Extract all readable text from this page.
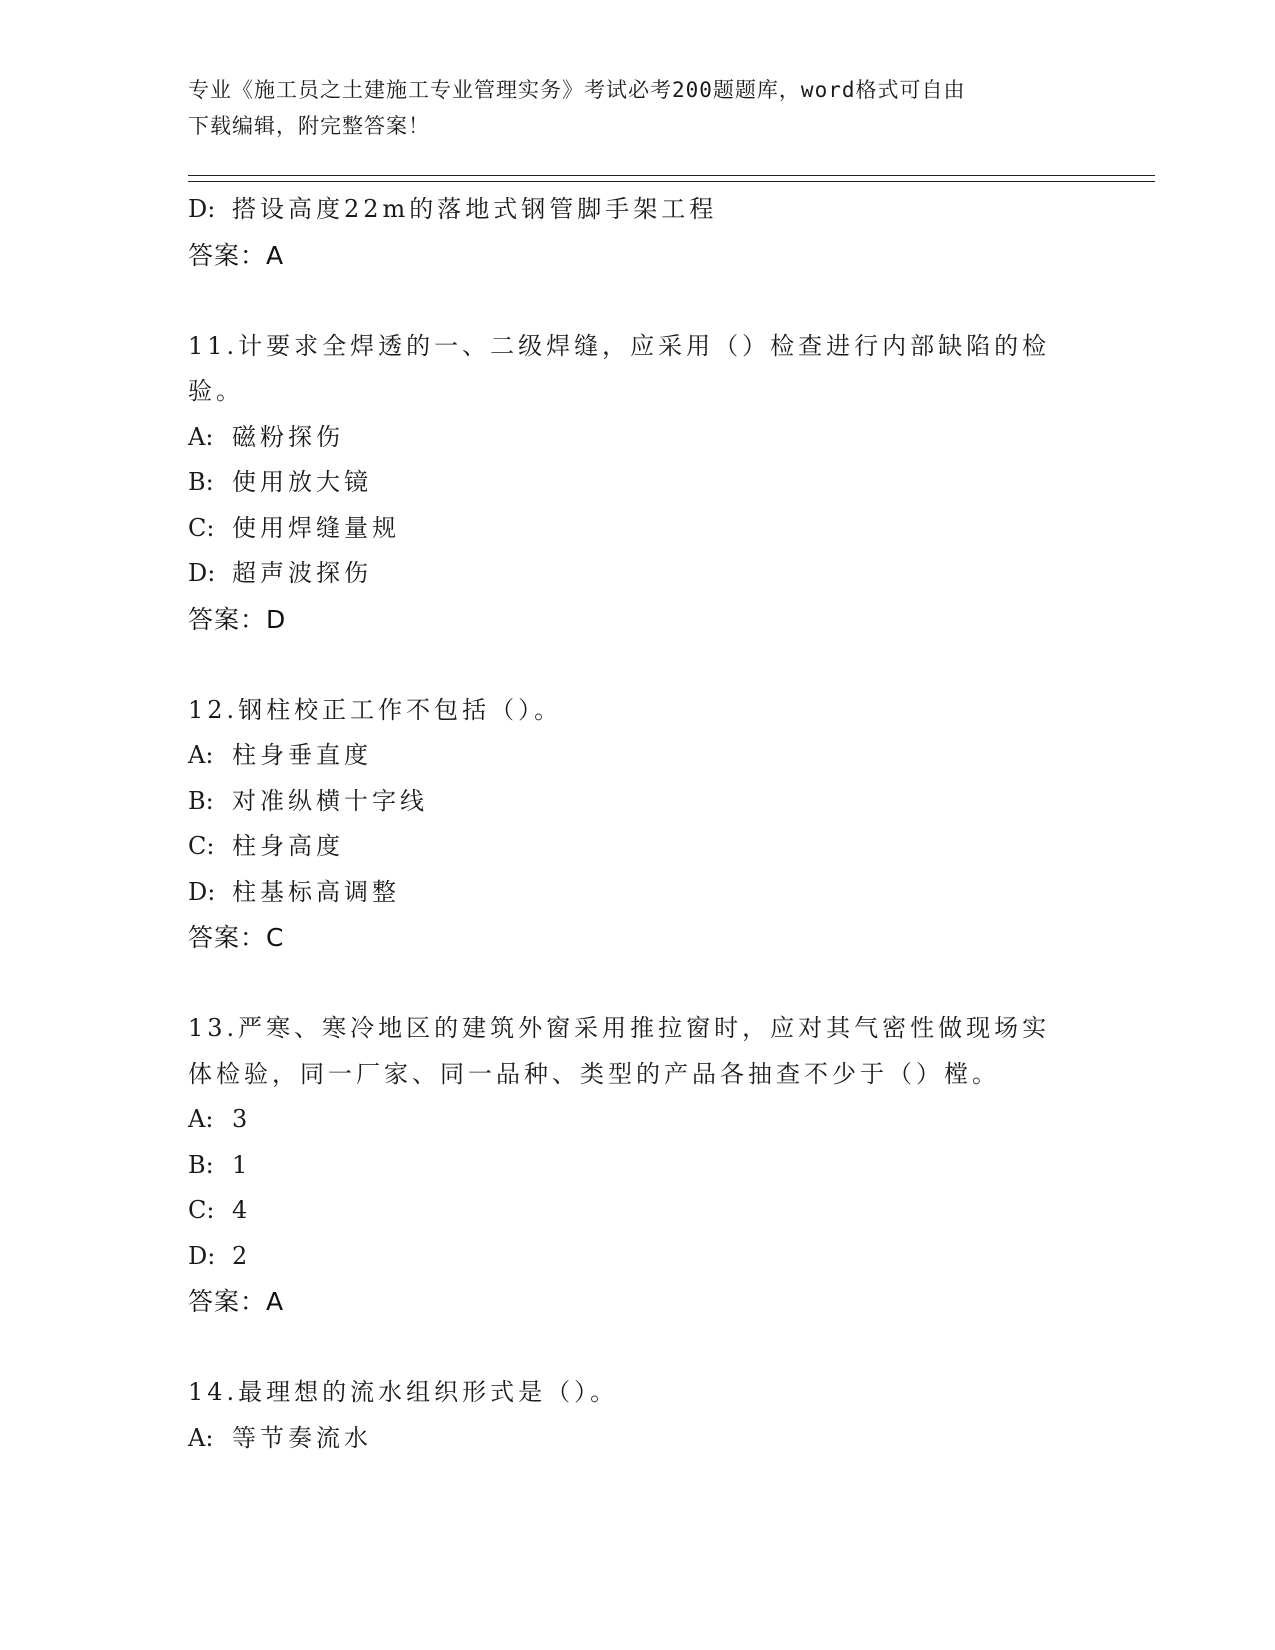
专业《施工员之土建施工专业管理实务》考试必考200题题库，word格式可自由
下载编辑，附完整答案！
D: 搭设高度22m的落地式钢管脚手架工程
答案：A
11.计要求全焊透的一、二级焊缝，应采用（）检查进行内部缺陷的检
验。
A: 磁粉探伤
B: 使用放大镜
C: 使用焊缝量规
D: 超声波探伤
答案：D
12.钢柱校正工作不包括（）。
A: 柱身垂直度
B: 对准纵横十字线
C: 柱身高度
D: 柱基标高调整
答案：C
13.严寒、寒冷地区的建筑外窗采用推拉窗时，应对其气密性做现场实
体检验，同一厂家、同一品种、类型的产品各抽查不少于（）樘。
A: 3
B: 1
C: 4
D: 2
答案：A
14.最理想的流水组织形式是（）。
A: 等节奏流水
